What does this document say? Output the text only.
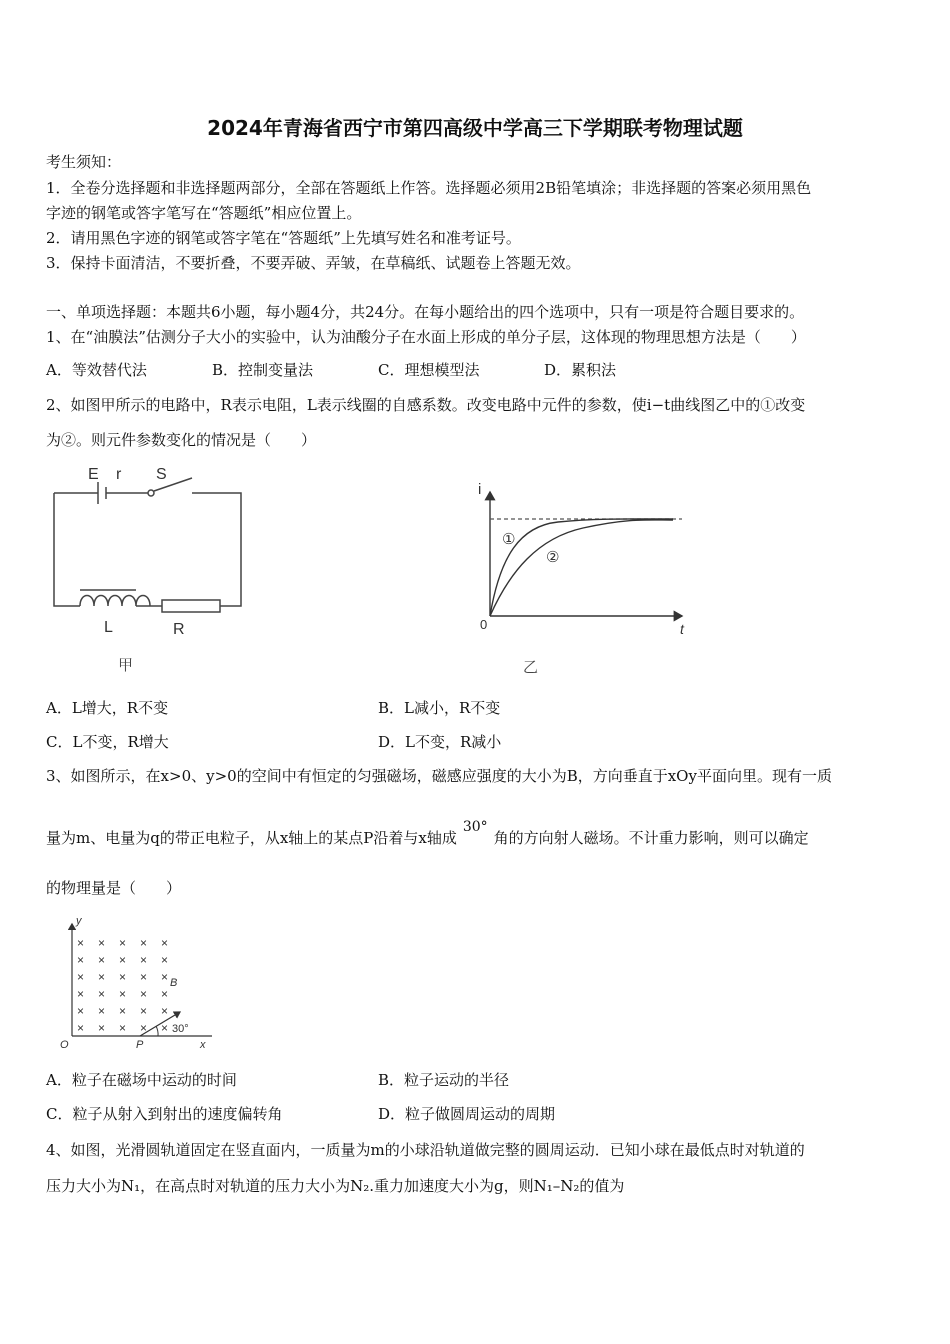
2024年青海省西宁市第四高级中学高三下学期联考物理试题
考生须知：
1．全卷分选择题和非选择题两部分，全部在答题纸上作答。选择题必须用2B铅笔填涂；非选择题的答案必须用黑色
字迹的钢笔或答字笔写在“答题纸”相应位置上。
2．请用黑色字迹的钢笔或答字笔在“答题纸”上先填写姓名和准考证号。
3．保持卡面清洁，不要折叠，不要弄破、弄皱，在草稿纸、试题卷上答题无效。
一、单项选择题：本题共6小题，每小题4分，共24分。在每小题给出的四个选项中，只有一项是符合题目要求的。
1、在“油膜法”估测分子大小的实验中，认为油酸分子在水面上形成的单分子层，这体现的物理思想方法是（　　）
A．等效替代法	B．控制变量法	C．理想模型法	D．累积法
2、如图甲所示的电路中，R表示电阻，L表示线圈的自感系数。改变电路中元件的参数，使i−t曲线图乙中的①改变
为②。则元件参数变化的情况是（　　）
E r S
L	R
甲
i
t
0
①
②
乙
A．L增大，R不变	B．L减小，R不变
C．L不变，R增大	D．L不变，R减小
3、如图所示，在x>0、y>0的空间中有恒定的匀强磁场，磁感应强度的大小为B，方向垂直于xOy平面向里。现有一质
量为m、电量为q的带正电粒子，从x轴上的某点P沿着与x轴成30°角的方向射人磁场。不计重力影响，则可以确定
的物理量是（　　）
× × × × ×
× × × × ×
× × × × ×
× × × × ×
× × × × ×
× × × × ×
y
x
O	P
B
30°
A．粒子在磁场中运动的时间	B．粒子运动的半径
C．粒子从射入到射出的速度偏转角	D．粒子做圆周运动的周期
4、如图，光滑圆轨道固定在竖直面内，一质量为m的小球沿轨道做完整的圆周运动．已知小球在最低点时对轨道的
压力大小为N₁，在高点时对轨道的压力大小为N₂.重力加速度大小为g，则N₁–N₂的值为
